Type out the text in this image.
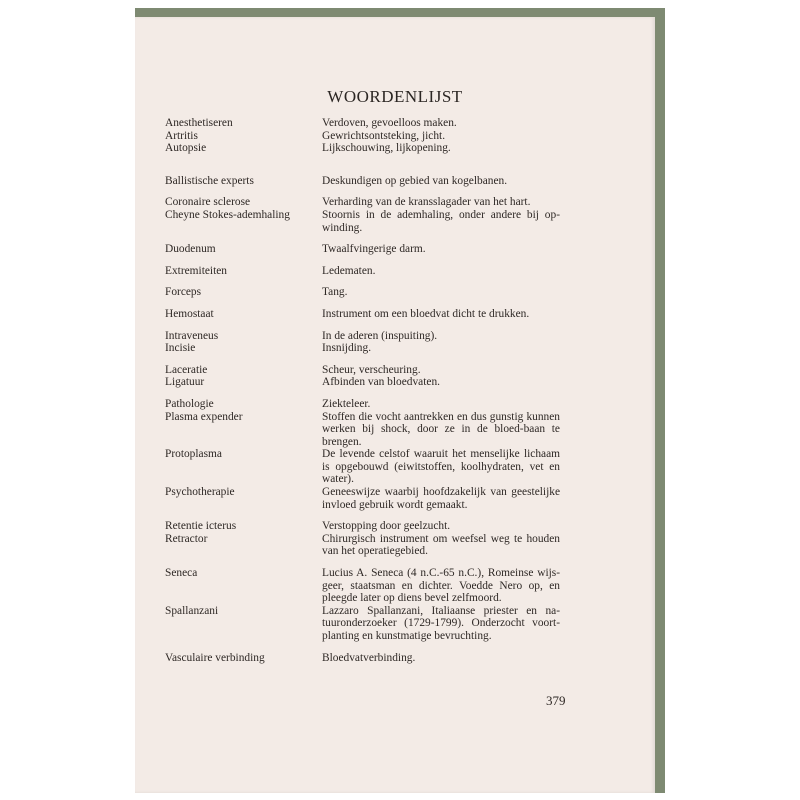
WOORDENLIJST
Anesthetiseren	Verdoven, gevoelloos maken.
Artritis	Gewrichtsontsteking, jicht.
Autopsie	Lijkschouwing, lijkopening.
Ballistische experts	Deskundigen op gebied van kogelbanen.
Coronaire sclerose	Verharding van de kransslagader van het hart.
Cheyne Stokes-ademhaling	Stoornis in de ademhaling, onder andere bij op-winding.
Duodenum	Twaalfvingerige darm.
Extremiteiten	Ledematen.
Forceps	Tang.
Hemostaat	Instrument om een bloedvat dicht te drukken.
Intraveneus	In de aderen (inspuiting).
Incisie	Insnijding.
Laceratie	Scheur, verscheuring.
Ligatuur	Afbinden van bloedvaten.
Pathologie	Ziekteleer.
Plasma expender	Stoffen die vocht aantrekken en dus gunstig kunnen werken bij shock, door ze in de bloed-baan te brengen.
Protoplasma	De levende celstof waaruit het menselijke lichaam is opgebouwd (eiwitstoffen, koolhydraten, vet en water).
Psychotherapie	Geneeswijze waarbij hoofdzakelijk van geestelijke invloed gebruik wordt gemaakt.
Retentie icterus	Verstopping door geelzucht.
Retractor	Chirurgisch instrument om weefsel weg te houden van het operatiegebied.
Seneca	Lucius A. Seneca (4 n.C.-65 n.C.), Romeinse wijs-geer, staatsman en dichter. Voedde Nero op, en pleegde later op diens bevel zelfmoord.
Spallanzani	Lazzaro Spallanzani, Italiaanse priester en na-tuuronderzoeker (1729-1799). Onderzocht voort-planting en kunstmatige bevruchting.
Vasculaire verbinding	Bloedvatverbinding.
379
